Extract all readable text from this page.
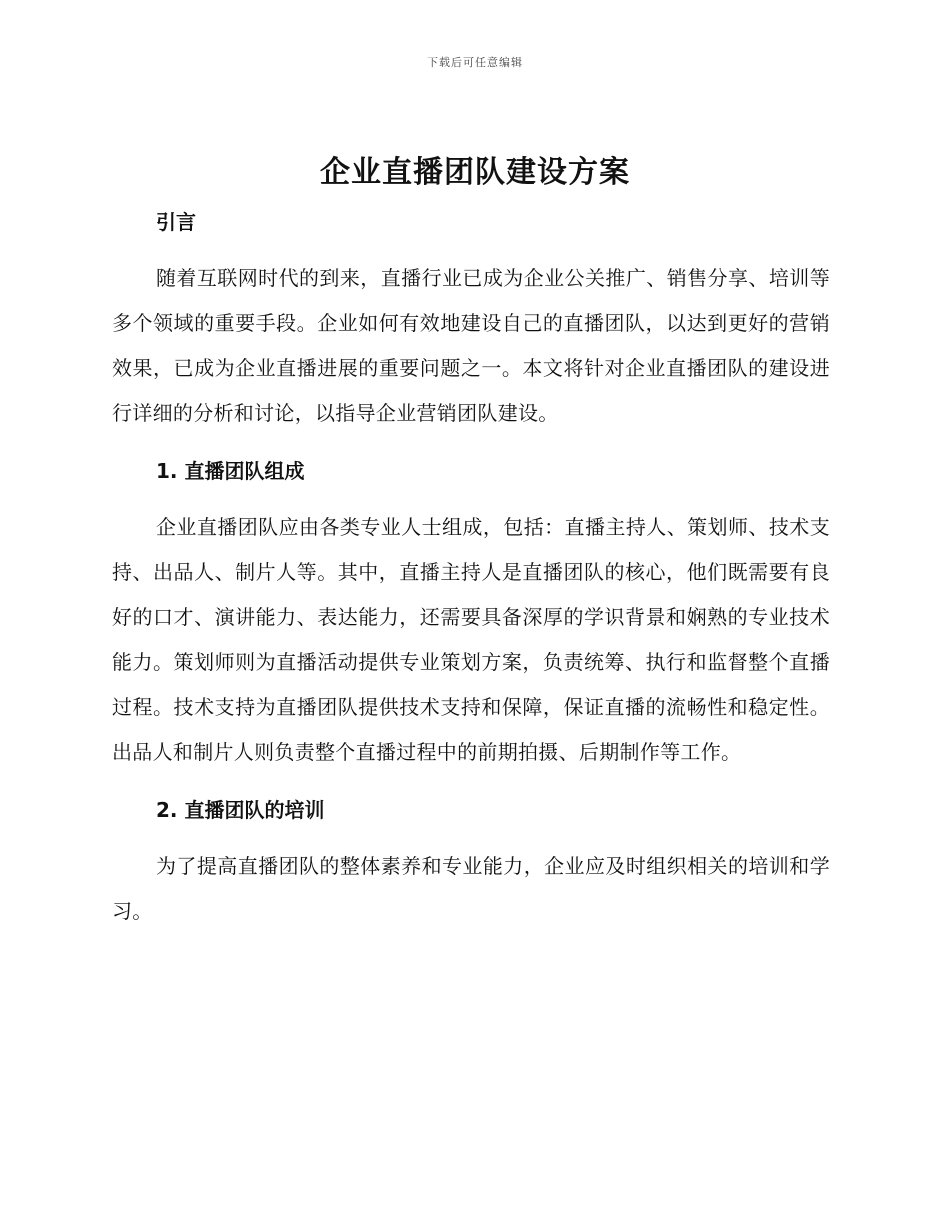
下载后可任意编辑
企业直播团队建设方案
引言

随着互联网时代的到来，直播行业已成为企业公关推广、销售分享、培训等多个领域的重要手段。企业如何有效地建设自己的直播团队，以达到更好的营销效果，已成为企业直播进展的重要问题之一。本文将针对企业直播团队的建设进行详细的分析和讨论，以指导企业营销团队建设。

1. 直播团队组成

企业直播团队应由各类专业人士组成，包括：直播主持人、策划师、技术支持、出品人、制片人等。其中，直播主持人是直播团队的核心，他们既需要有良好的口才、演讲能力、表达能力，还需要具备深厚的学识背景和娴熟的专业技术能力。策划师则为直播活动提供专业策划方案，负责统筹、执行和监督整个直播过程。技术支持为直播团队提供技术支持和保障，保证直播的流畅性和稳定性。出品人和制片人则负责整个直播过程中的前期拍摄、后期制作等工作。

2. 直播团队的培训

为了提高直播团队的整体素养和专业能力，企业应及时组织相关的培训和学习。
